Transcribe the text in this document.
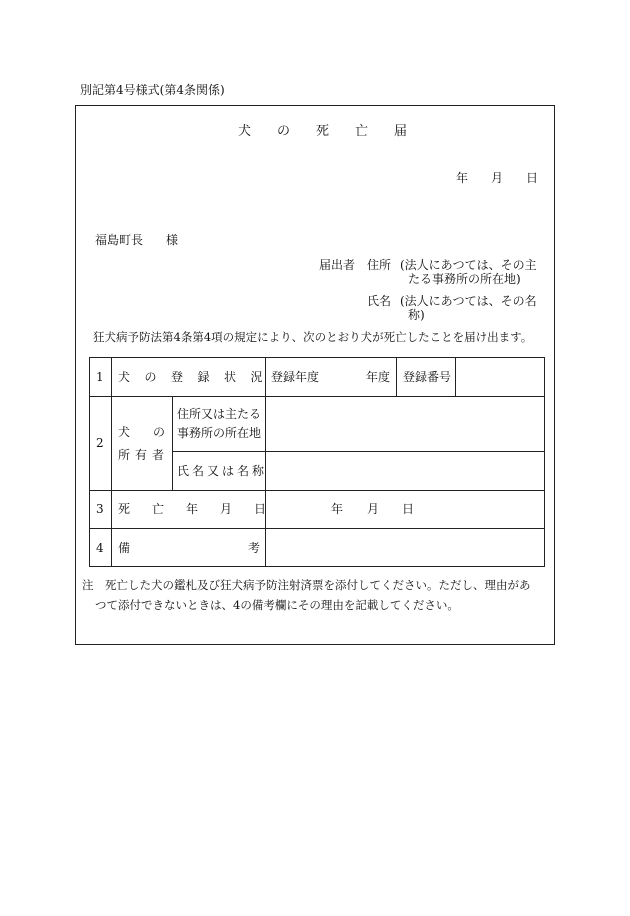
別記第4号様式(第4条関係)
犬　　の　　死　　亡　　届
年 月 日
福島町長 様
届出者 住所 (法人にあつては、その主
たる事務所の所在地)
氏名 (法人にあつては、その名
称)
狂犬病予防法第4条第4項の規定により、次のとおり犬が死亡したことを届け出ます。
1 犬の登録状況
登録年度	年度 登録番号
2
犬の
所有者
住所又は主たる
事務所の所在地
氏名又は名称
3 死亡年月日	年 月 日
4 備考
注　死亡した犬の鑑札及び狂犬病予防注射済票を添付してください。ただし、理由があ
つて添付できないときは、4の備考欄にその理由を記載してください。
